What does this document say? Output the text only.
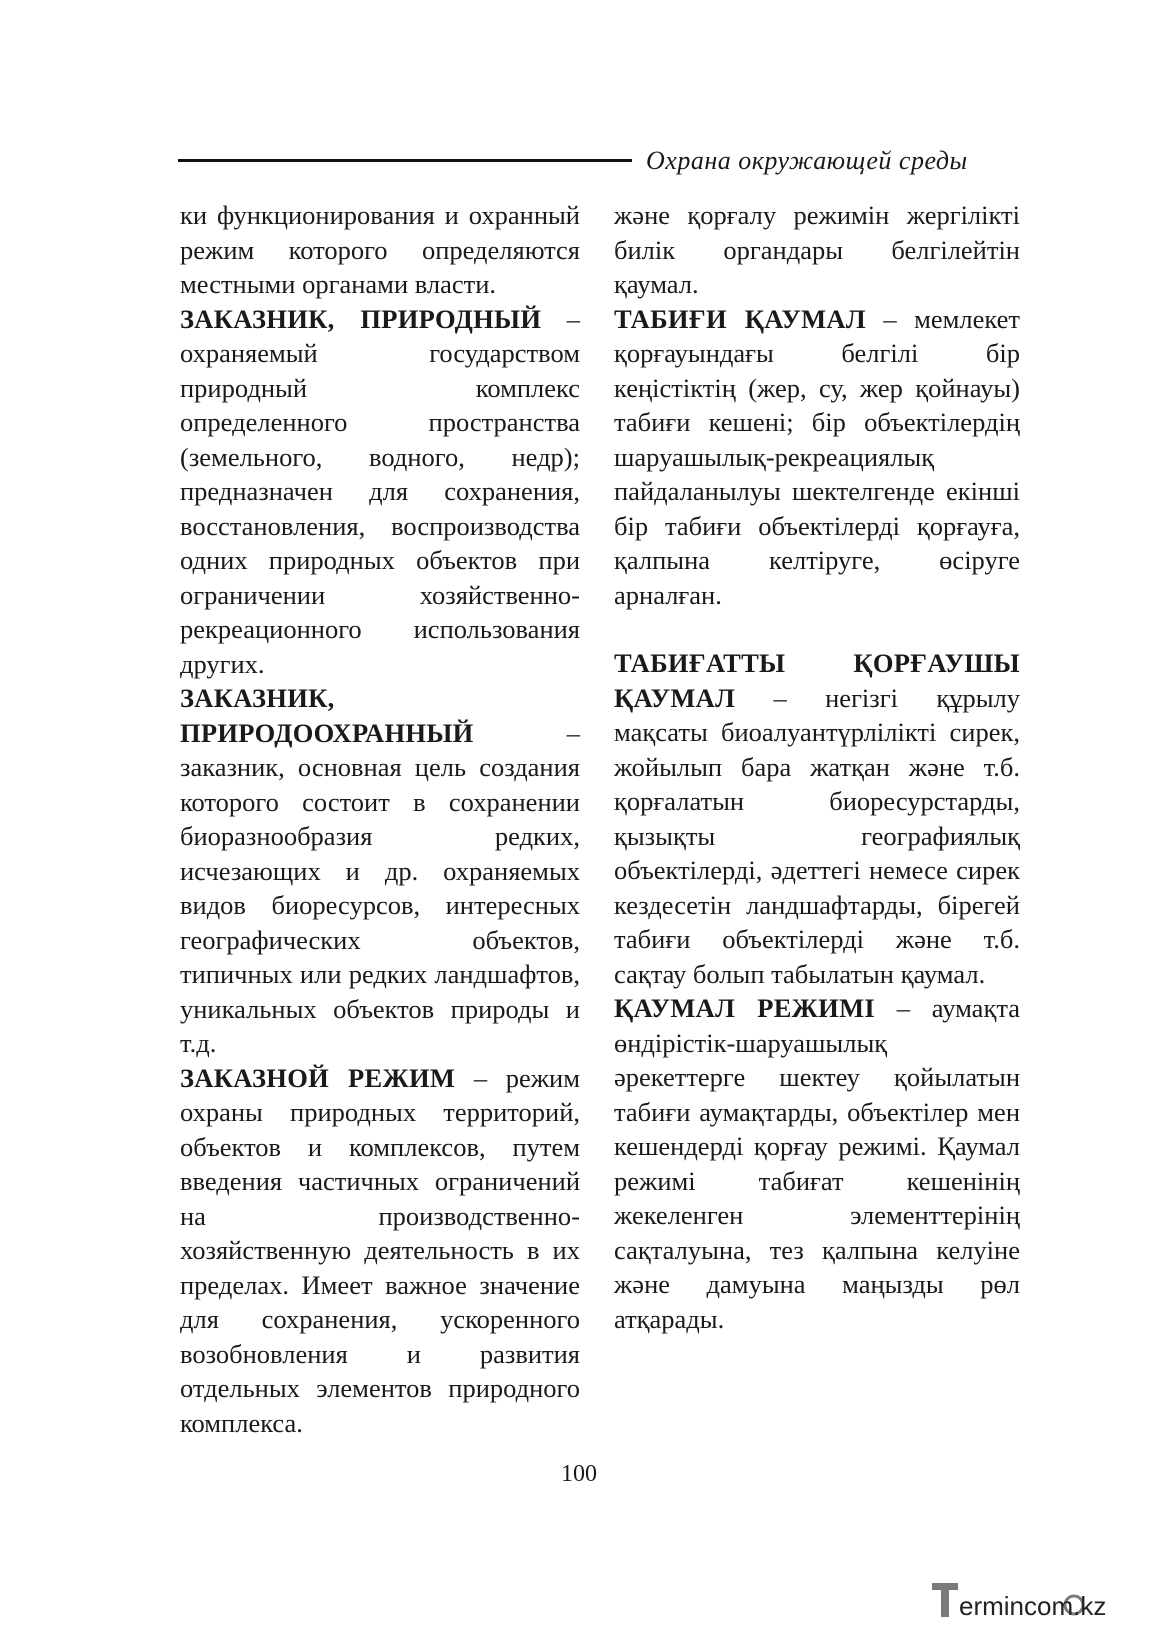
Охрана окружающей среды

ки функционирования и охранный режим которого определяются местными органами власти.

ЗАКАЗНИК, ПРИРОДНЫЙ – охраняемый государством природный комплекс определенного пространства (земельного, водного, недр); предназначен для сохранения, восстановления, воспроизводства одних природных объектов при ограничении хозяйственно-рекреационного использования других.

ЗАКАЗНИК, ПРИРОДООХРАННЫЙ – заказник, основная цель создания которого состоит в сохранении биоразнообразия редких, исчезающих и др. охраняемых видов биоресурсов, интересных географических объектов, типичных или редких ландшафтов, уникальных объектов природы и т.д.

ЗАКАЗНОЙ РЕЖИМ – режим охраны природных территорий, объектов и комплексов, путем введения частичных ограничений на производственно-хозяйственную деятельность в их пределах. Имеет важное значение для сохранения, ускоренного возобновления и развития отдельных элементов природного комплекса.

және қорғалу режимін жергілікті билік органдары белгілейтін қаумал.

ТАБИҒИ ҚАУМАЛ – мемлекет қорғауындағы белгілі бір кеңістіктің (жер, су, жер қойнауы) табиғи кешені; бір объектілердің шаруашылық-рекреациялық пайдаланылуы шектелгенде екінші бір табиғи объектілерді қорғауға, қалпына келтіруге, өсіруге арналған.

ТАБИҒАТТЫ ҚОРҒАУШЫ ҚАУМАЛ – негізгі құрылу мақсаты биоалуантүрлілікті сирек, жойылып бара жатқан және т.б. қорғалатын биоресурстарды, қызықты географиялық объектілерді, әдеттегі немесе сирек кездесетін ландшафтарды, бірегей табиғи объектілерді және т.б. сақтау болып табылатын қаумал.

ҚАУМАЛ РЕЖИМІ – аумақта өндірістік-шаруашылық әрекеттерге шектеу қойылатын табиғи аумақтарды, объектілер мен кешендерді қорғау режимі. Қаумал режимі табиғат кешенінің жекеленген элементтерінің сақталуына, тез қалпына келуіне және дамуына маңызды рөл атқарады.

100
ermincom.kz
